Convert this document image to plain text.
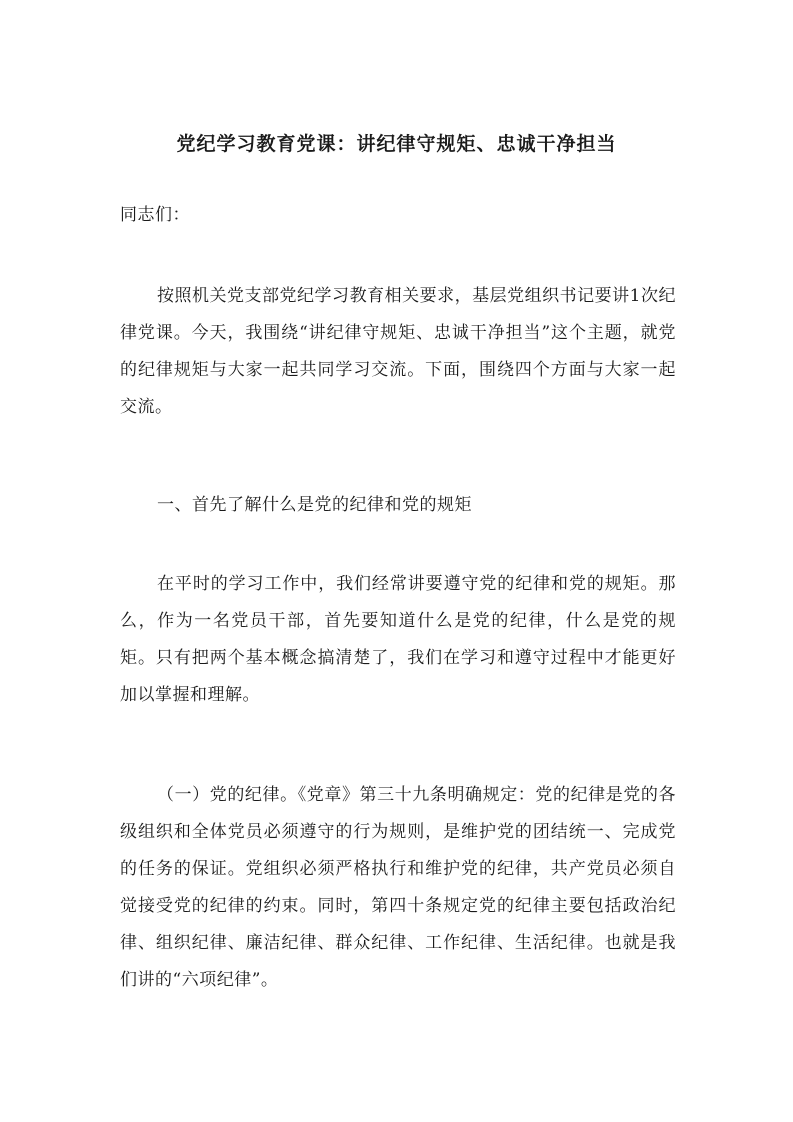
党纪学习教育党课：讲纪律守规矩、忠诚干净担当

同志们：

按照机关党支部党纪学习教育相关要求，基层党组织书记要讲1次纪律党课。今天，我围绕“讲纪律守规矩、忠诚干净担当”这个主题，就党的纪律规矩与大家一起共同学习交流。下面，围绕四个方面与大家一起交流。

一、首先了解什么是党的纪律和党的规矩

在平时的学习工作中，我们经常讲要遵守党的纪律和党的规矩。那么，作为一名党员干部，首先要知道什么是党的纪律，什么是党的规矩。只有把两个基本概念搞清楚了，我们在学习和遵守过程中才能更好加以掌握和理解。

（一）党的纪律。《党章》第三十九条明确规定：党的纪律是党的各级组织和全体党员必须遵守的行为规则，是维护党的团结统一、完成党的任务的保证。党组织必须严格执行和维护党的纪律，共产党员必须自觉接受党的纪律的约束。同时，第四十条规定党的纪律主要包括政治纪律、组织纪律、廉洁纪律、群众纪律、工作纪律、生活纪律。也就是我们讲的“六项纪律”。
